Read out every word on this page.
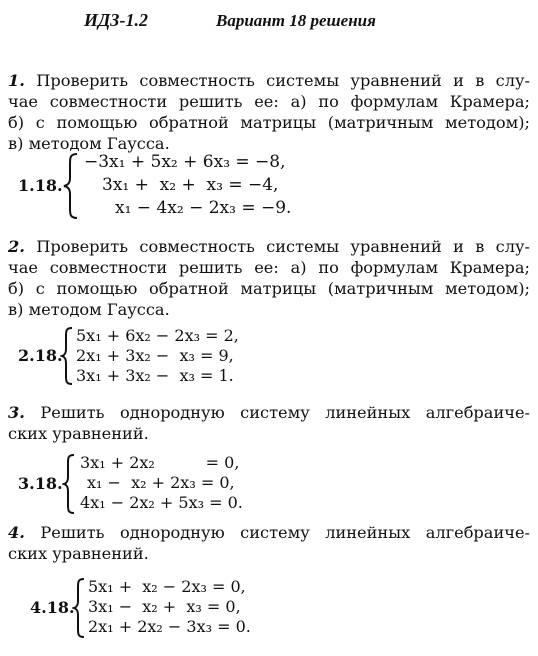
ИДЗ-1.2	Вариант 18 решения
1. Проверить совместность системы уравнений и в слу-
чае совместности решить ее: а) по формулам Крамера;
б) с помощью обратной матрицы (матричным методом);
в) методом Гаусса.
1.18.
−3x₁ + 5x₂ + 6x₃ = −8,
3x₁ +  x₂ +  x₃ = −4,
x₁ − 4x₂ − 2x₃ = −9.
2. Проверить совместность системы уравнений и в слу-
чае совместности решить ее: а) по формулам Крамера;
б) с помощью обратной матрицы (матричным методом);
в) методом Гаусса.
2.18.
5x₁ + 6x₂ − 2x₃ = 2,
2x₁ + 3x₂ −  x₃ = 9,
3x₁ + 3x₂ −  x₃ = 1.
3. Решить однородную систему линейных алгебраиче-
ских уравнений.
3.18.
3x₁ + 2x₂          = 0,
x₁ −  x₂ + 2x₃ = 0,
4x₁ − 2x₂ + 5x₃ = 0.
4. Решить однородную систему линейных алгебраиче-
ских уравнений.
4.18.
5x₁ +  x₂ − 2x₃ = 0,
3x₁ −  x₂ +  x₃ = 0,
2x₁ + 2x₂ − 3x₃ = 0.
